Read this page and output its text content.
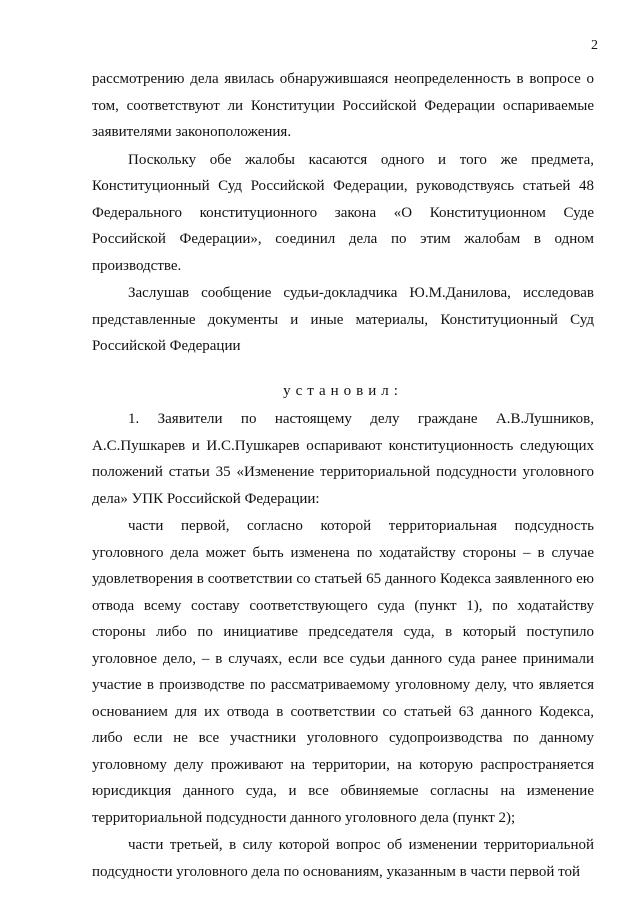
2

рассмотрению дела явилась обнаружившаяся неопределенность в вопросе о том, соответствуют ли Конституции Российской Федерации оспариваемые заявителями законоположения.

Поскольку обе жалобы касаются одного и того же предмета, Конституционный Суд Российской Федерации, руководствуясь статьей 48 Федерального конституционного закона «О Конституционном Суде Российской Федерации», соединил дела по этим жалобам в одном производстве.

Заслушав сообщение судьи-докладчика Ю.М.Данилова, исследовав представленные документы и иные материалы, Конституционный Суд Российской Федерации

установил:

1. Заявители по настоящему делу граждане А.В.Лушников, А.С.Пушкарев и И.С.Пушкарев оспаривают конституционность следующих положений статьи 35 «Изменение территориальной подсудности уголовного дела» УПК Российской Федерации:

части первой, согласно которой территориальная подсудность уголовного дела может быть изменена по ходатайству стороны – в случае удовлетворения в соответствии со статьей 65 данного Кодекса заявленного ею отвода всему составу соответствующего суда (пункт 1), по ходатайству стороны либо по инициативе председателя суда, в который поступило уголовное дело, – в случаях, если все судьи данного суда ранее принимали участие в производстве по рассматриваемому уголовному делу, что является основанием для их отвода в соответствии со статьей 63 данного Кодекса, либо если не все участники уголовного судопроизводства по данному уголовному делу проживают на территории, на которую распространяется юрисдикция данного суда, и все обвиняемые согласны на изменение территориальной подсудности данного уголовного дела (пункт 2);

части третьей, в силу которой вопрос об изменении территориальной подсудности уголовного дела по основаниям, указанным в части первой той
